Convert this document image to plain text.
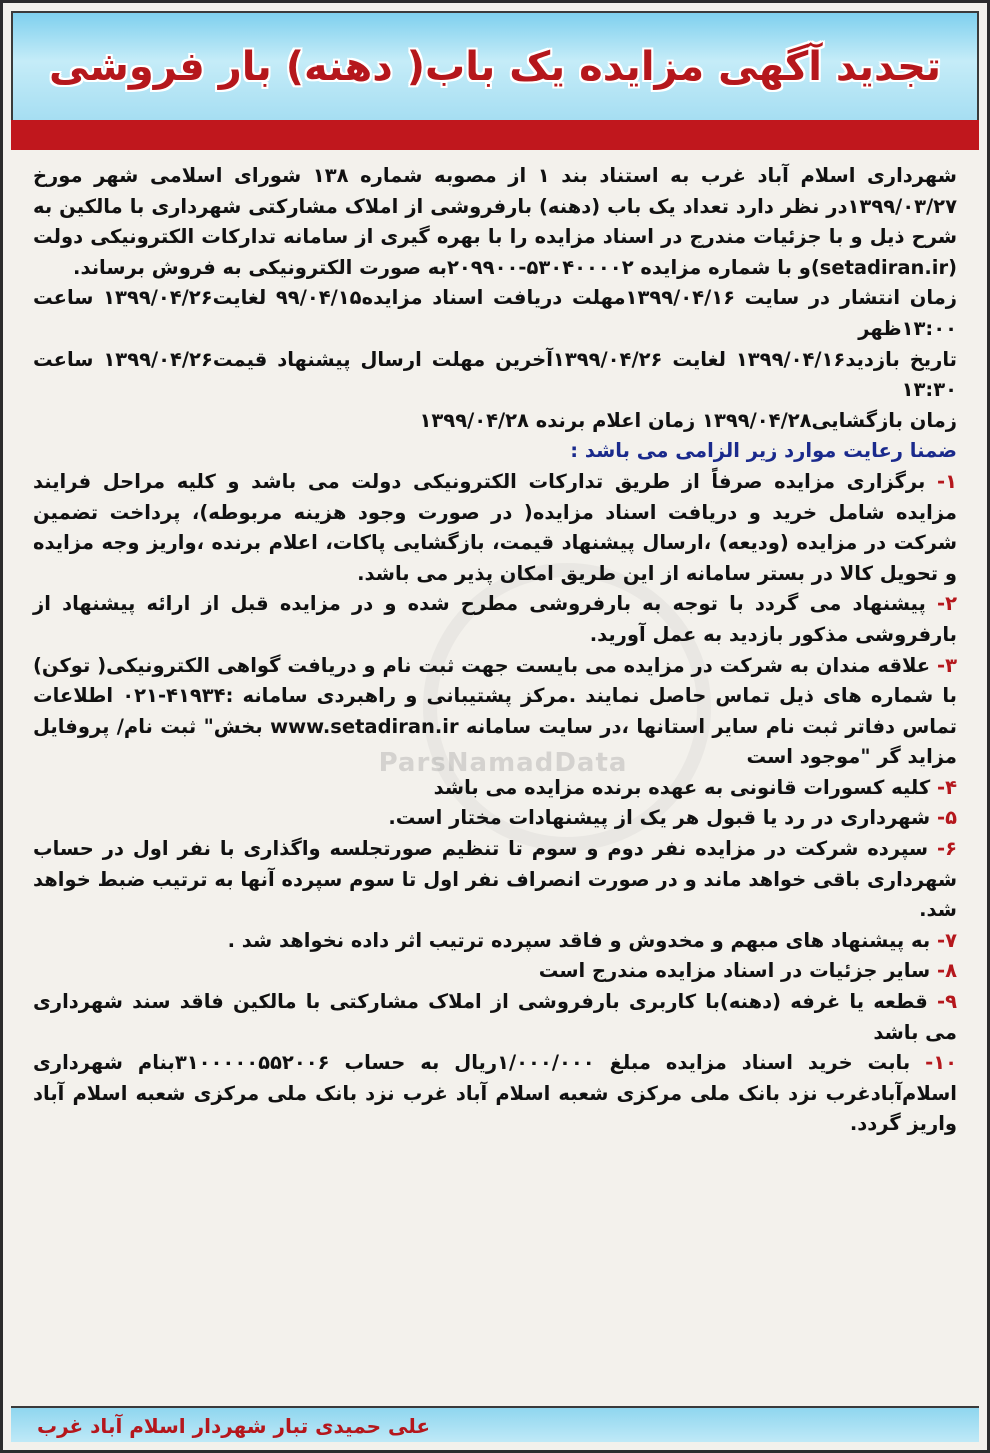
تجدید آگهی مزایده یک باب( دهنه) بار فروشی
ParsNamadData

شهرداری اسلام آباد غرب به استناد بند ۱ از مصوبه شماره ۱۳۸ شورای اسلامی شهر مورخ ۱۳۹۹/۰۳/۲۷در نظر دارد تعداد یک باب (دهنه) بارفروشی از املاک مشارکتی شهرداری با مالکین به شرح ذیل و با جزئیات مندرج در اسناد مزایده را با بهره گیری از سامانه تدارکات الکترونیکی دولت (setadiran.ir)و با شماره مزایده ۵۳۰۴۰۰۰۰۲-۲۰۹۹۰۰به صورت الکترونیکی به فروش برساند.

زمان انتشار در سایت ۱۳۹۹/۰۴/۱۶مهلت دریافت اسناد مزایده۹۹/۰۴/۱۵ لغایت۱۳۹۹/۰۴/۲۶ ساعت ۱۳:۰۰ظهر

تاریخ بازدید۱۳۹۹/۰۴/۱۶ لغایت ۱۳۹۹/۰۴/۲۶آخرین مهلت ارسال پیشنهاد قیمت۱۳۹۹/۰۴/۲۶ ساعت ۱۳:۳۰

زمان بازگشایی۱۳۹۹/۰۴/۲۸ زمان اعلام برنده ۱۳۹۹/۰۴/۲۸

ضمنا رعایت موارد زیر الزامی می باشد :

۱- برگزاری مزایده صرفاً از طریق تدارکات الکترونیکی دولت می باشد و کلیه مراحل فرایند مزایده شامل خرید و دریافت اسناد مزایده( در صورت وجود هزینه مربوطه)، پرداخت تضمین شرکت در مزایده (ودیعه) ،ارسال پیشنهاد قیمت، بازگشایی پاکات، اعلام برنده ،واریز وجه مزایده و تحویل کالا در بستر سامانه از این طریق امکان پذیر می باشد.

۲- پیشنهاد می گردد با توجه به بارفروشی مطرح شده و در مزایده قبل از ارائه پیشنهاد از بارفروشی مذکور بازدید به عمل آورید.

۳- علاقه مندان به شرکت در مزایده می بایست جهت ثبت نام و دریافت گواهی الکترونیکی( توکن) با شماره های ذیل تماس حاصل نمایند .مرکز پشتیبانی و راهبردی سامانه :۴۱۹۳۴-۰۲۱ اطلاعات تماس دفاتر ثبت نام سایر استانها ،در سایت سامانه www.setadiran.ir بخش" ثبت نام/ پروفایل مزاید گر "موجود است

۴- کلیه کسورات قانونی به عهده برنده مزایده می باشد

۵- شهرداری در رد یا قبول هر یک از پیشنهادات مختار است.

۶- سپرده شرکت در مزایده نفر دوم و سوم تا تنظیم صورتجلسه واگذاری با نفر اول در حساب شهرداری باقی خواهد ماند و در صورت انصراف نفر اول تا سوم سپرده آنها به ترتیب ضبط خواهد شد.

۷- به پیشنهاد های مبهم و مخدوش و فاقد سپرده ترتیب اثر داده نخواهد شد .

۸- سایر جزئیات در اسناد مزایده مندرج است

۹- قطعه یا غرفه (دهنه)با کاربری بارفروشی از املاک مشارکتی با مالکین فاقد سند شهرداری می باشد

۱۰- بابت خرید اسناد مزایده مبلغ ۱/۰۰۰/۰۰۰ریال به حساب ۳۱۰۰۰۰۰۵۵۲۰۰۶بنام شهرداری اسلام‌آبادغرب نزد بانک ملی مرکزی شعبه اسلام آباد غرب نزد بانک ملی مرکزی شعبه اسلام آباد واریز گردد.

علی حمیدی تبار شهردار اسلام آباد غرب
